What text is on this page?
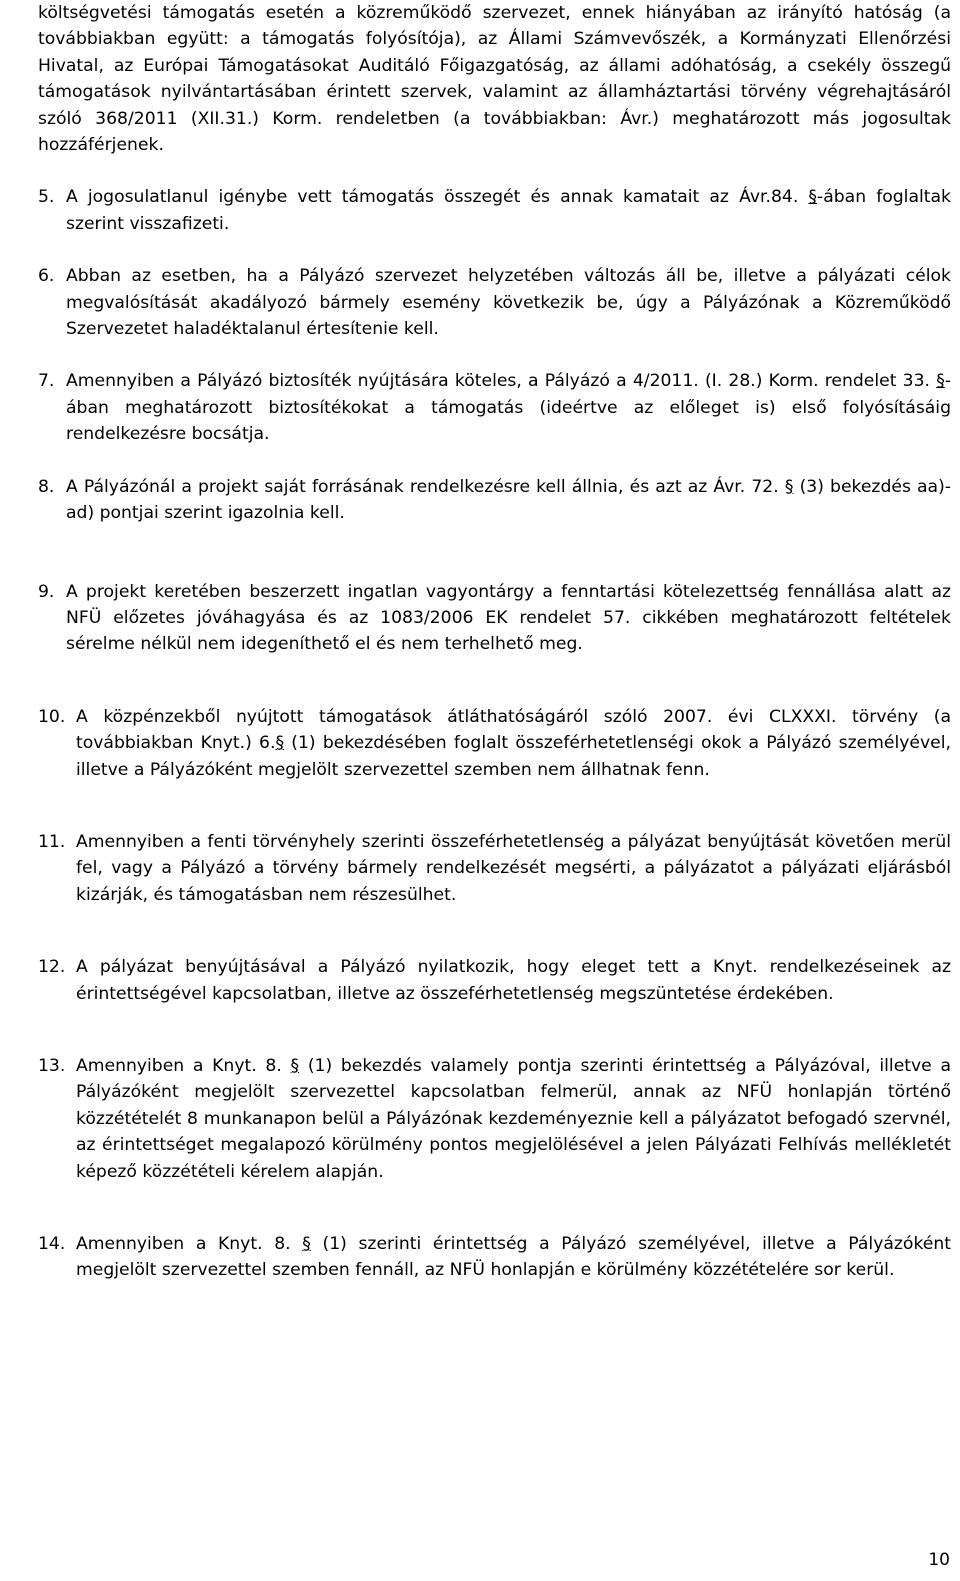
költségvetési támogatás esetén a közreműködő szervezet, ennek hiányában az irányító hatóság (a továbbiakban együtt: a támogatás folyósítója), az Állami Számvevőszék, a Kormányzati Ellenőrzési Hivatal, az Európai Támogatásokat Auditáló Főigazgatóság, az állami adóhatóság, a csekély összegű támogatások nyilvántartásában érintett szervek, valamint az államháztartási törvény végrehajtásáról szóló 368/2011 (XII.31.) Korm. rendeletben (a továbbiakban: Ávr.) meghatározott más jogosultak hozzáférjenek.

5. A jogosulatlanul igénybe vett támogatás összegét és annak kamatait az Ávr.84. §-ában foglaltak szerint visszafizeti.
6. Abban az esetben, ha a Pályázó szervezet helyzetében változás áll be, illetve a pályázati célok megvalósítását akadályozó bármely esemény következik be, úgy a Pályázónak a Közreműködő Szervezetet haladéktalanul értesítenie kell.
7. Amennyiben a Pályázó biztosíték nyújtására köteles, a Pályázó a 4/2011. (I. 28.) Korm. rendelet 33. §-ában meghatározott biztosítékokat a támogatás (ideértve az előleget is) első folyósításáig rendelkezésre bocsátja.
8. A Pályázónál a projekt saját forrásának rendelkezésre kell állnia, és azt az Ávr. 72. § (3) bekezdés aa)-ad) pontjai szerint igazolnia kell.
9. A projekt keretében beszerzett ingatlan vagyontárgy a fenntartási kötelezettség fennállása alatt az NFÜ előzetes jóváhagyása és az 1083/2006 EK rendelet 57. cikkében meghatározott feltételek sérelme nélkül nem idegeníthető el és nem terhelhető meg.
10. A közpénzekből nyújtott támogatások átláthatóságáról szóló 2007. évi CLXXXI. törvény (a továbbiakban Knyt.) 6.§ (1) bekezdésében foglalt összeférhetetlenségi okok a Pályázó személyével, illetve a Pályázóként megjelölt szervezettel szemben nem állhatnak fenn.
11. Amennyiben a fenti törvényhely szerinti összeférhetetlenség a pályázat benyújtását követően merül fel, vagy a Pályázó a törvény bármely rendelkezését megsérti, a pályázatot a pályázati eljárásból kizárják, és támogatásban nem részesülhet.
12. A pályázat benyújtásával a Pályázó nyilatkozik, hogy eleget tett a Knyt. rendelkezéseinek az érintettségével kapcsolatban, illetve az összeférhetetlenség megszüntetése érdekében.
13. Amennyiben a Knyt. 8. § (1) bekezdés valamely pontja szerinti érintettség a Pályázóval, illetve a Pályázóként megjelölt szervezettel kapcsolatban felmerül, annak az NFÜ honlapján történő közzétételét 8 munkanapon belül a Pályázónak kezdeményeznie kell a pályázatot befogadó szervnél, az érintettséget megalapozó körülmény pontos megjelölésével a jelen Pályázati Felhívás mellékletét képező közzétételi kérelem alapján.
14. Amennyiben a Knyt. 8. § (1) szerinti érintettség a Pályázó személyével, illetve a Pályázóként megjelölt szervezettel szemben fennáll, az NFÜ honlapján e körülmény közzétételére sor kerül.
10
